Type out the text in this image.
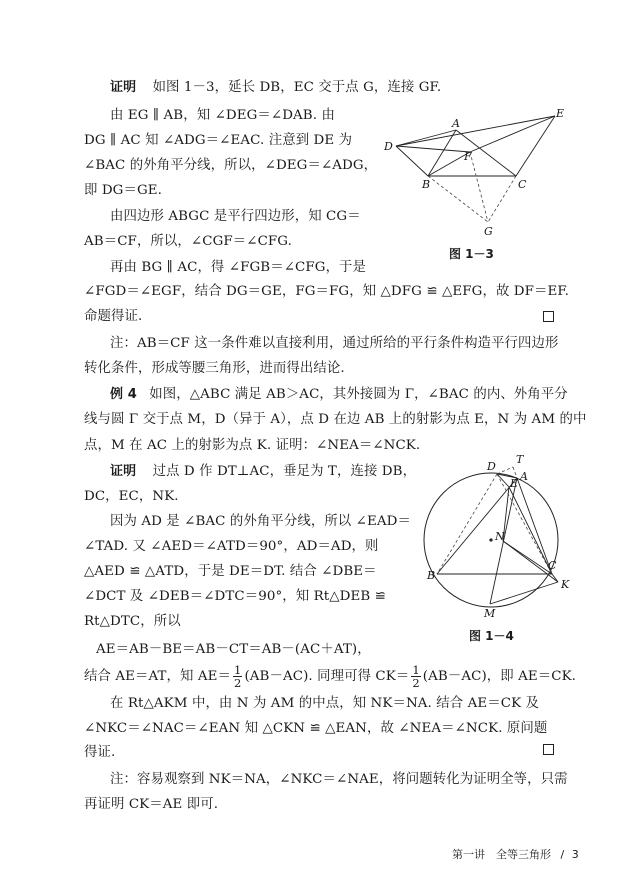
证明 如图 1－3，延长 DB，EC 交于点 G，连接 GF.
由 EG ∥ AB，知 ∠DEG＝∠DAB. 由
DG ∥ AC 知 ∠ADG＝∠EAC. 注意到 DE 为
∠BAC 的外角平分线，所以，∠DEG＝∠ADG，
即 DG＝GE.
由四边形 ABGC 是平行四边形，知 CG＝
AB＝CF，所以，∠CGF＝∠CFG.
再由 BG ∥ AC，得 ∠FGB＝∠CFG，于是
∠FGD＝∠EGF，结合 DG＝GE，FG＝FG，知 △DFG ≌ △EFG，故 DF＝EF.
命题得证.
注：AB＝CF 这一条件难以直接利用，通过所给的平行条件构造平行四边形
转化条件，形成等腰三角形，进而得出结论.
A
B	C
D
E
F
G
图 1－3
例 4 如图，△ABC 满足 AB＞AC，其外接圆为 Γ，∠BAC 的内、外角平分
线与圆 Γ 交于点 M，D（异于 A），点 D 在边 AB 上的射影为点 E，N 为 AM 的中
点，M 在 AC 上的射影为点 K. 证明：∠NEA＝∠NCK.
证明 过点 D 作 DT⊥AC，垂足为 T，连接 DB，
DC，EC，NK.
因为 AD 是 ∠BAC 的外角平分线，所以 ∠EAD＝
∠TAD. 又 ∠AED＝∠ATD＝90°，AD＝AD，则
△AED ≌ △ATD，于是 DE＝DT. 结合 ∠DBE＝
∠DCT 及 ∠DEB＝∠DTC＝90°，知 Rt△DEB ≌
Rt△DTC，所以
AE＝AB－BE＝AB－CT＝AB－(AC＋AT)，
结合 AE＝AT，知 $AE= \frac{1}{2} (AB-AC)$. 同理可得 $CK= \frac{1}{2} (AB-AC)$，即 AE＝CK.
在 Rt△AKM 中，由 N 为 AM 的中点，知 NK＝NA. 结合 AE＝CK 及
∠NKC＝∠NAC＝∠EAN 知 △CKN ≌ △EAN，故 ∠NEA＝∠NCK. 原问题
得证.
注：容易观察到 NK＝NA，∠NKC＝∠NAE，将问题转化为证明全等，只需
再证明 CK＝AE 即可.
A
B
C
D
E
T
N
M
K
图 1－4
第一讲　全等三角形 / 3
